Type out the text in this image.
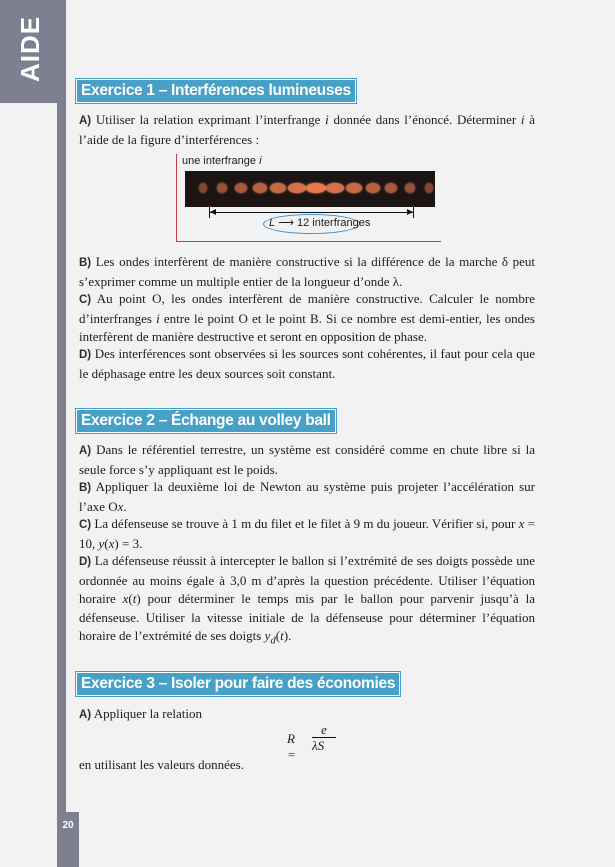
AIDE
20
Exercice 1 – Interférences lumineuses
A) Utiliser la relation exprimant l’interfrange i donnée dans l’énoncé. Déterminer i à l’aide de la figure d’interférences :
une interfrange i
L ⟶ 12 interfranges
B) Les ondes interfèrent de manière constructive si la différence de la marche δ peut s’exprimer comme un multiple entier de la longueur d’onde λ.
C) Au point O, les ondes interfèrent de manière constructive. Calculer le nombre d’interfranges i entre le point O et le point B. Si ce nombre est demi-entier, les ondes interfèrent de manière destructive et seront en opposition de phase.
D) Des interférences sont observées si les sources sont cohérentes, il faut pour cela que le déphasage entre les deux sources soit constant.
Exercice 2 – Échange au volley ball
A) Dans le référentiel terrestre, un système est considéré comme en chute libre si la seule force s’y appliquant est le poids.
B) Appliquer la deuxième loi de Newton au système puis projeter l’accélération sur l’axe Ox.
C) La défenseuse se trouve à 1 m du filet et le filet à 9 m du joueur. Vérifier si, pour x = 10, y(x) = 3.
D) La défenseuse réussit à intercepter le ballon si l’extrémité de ses doigts possède une ordonnée au moins égale à 3,0 m d’après la question précédente. Utiliser l’équation horaire x(t) pour déterminer le temps mis par le ballon pour parvenir jusqu’à la défenseuse. Utiliser la vitesse initiale de la défenseuse pour déterminer l’équation horaire de l’extrémité de ses doigts $y_d(t)$.
Exercice 3 – Isoler pour faire des économies
A) Appliquer la relation
R =
e
λS
en utilisant les valeurs données.
